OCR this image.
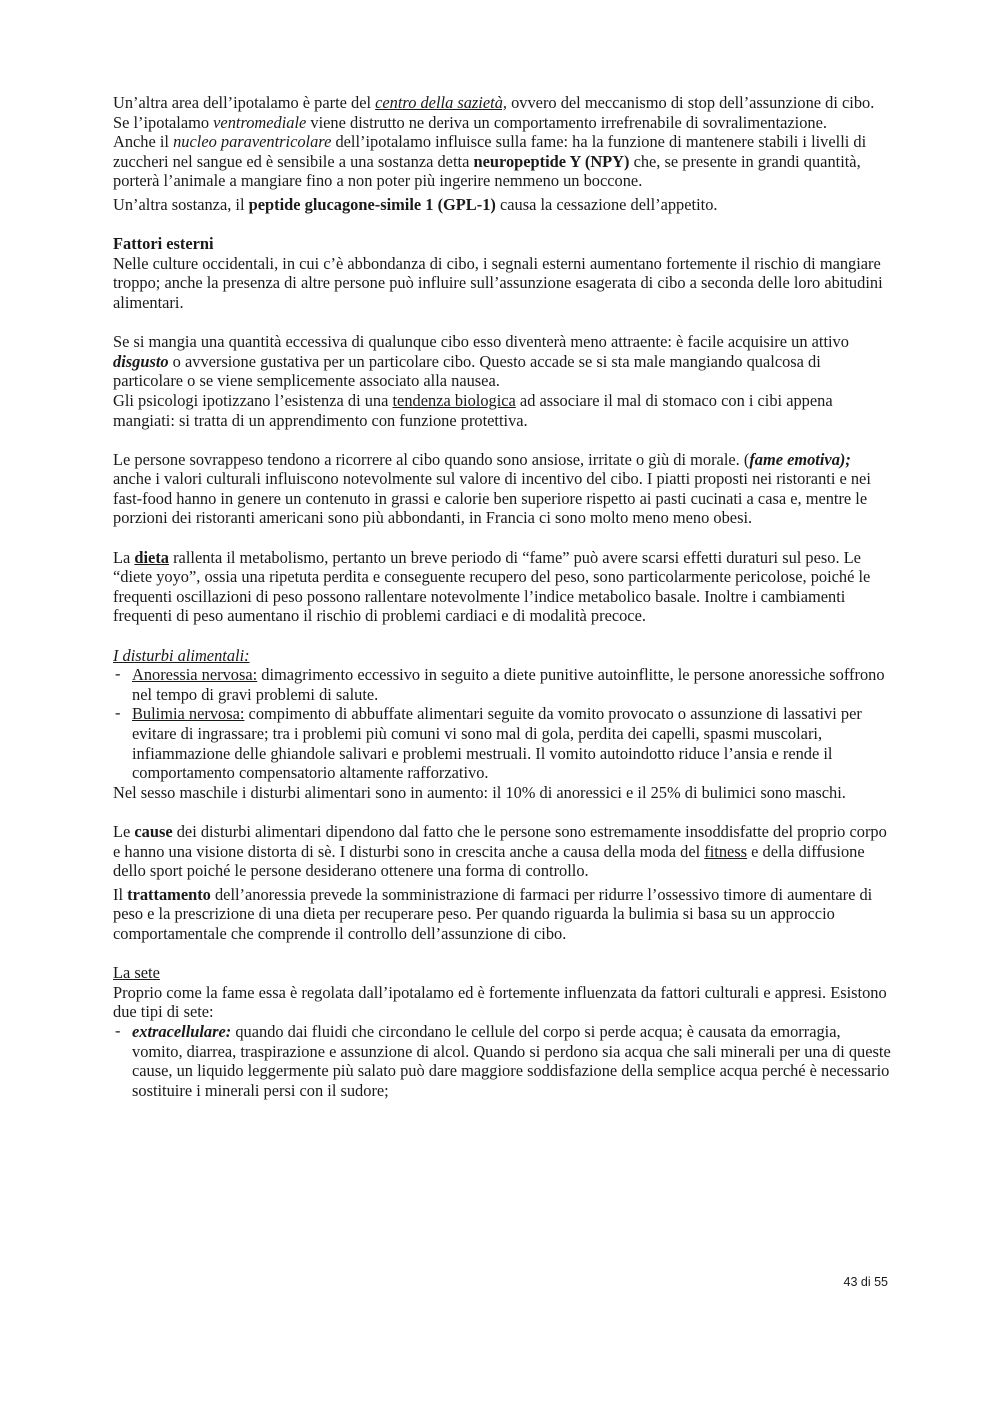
Un’altra area dell’ipotalamo è parte del centro della sazietà, ovvero del meccanismo di stop dell’assunzione di cibo. Se l’ipotalamo ventromediale viene distrutto ne deriva un comportamento irrefrenabile di sovralimentazione.

Anche il nucleo paraventricolare dell’ipotalamo influisce sulla fame: ha la funzione di mantenere stabili i livelli di zuccheri nel sangue ed è sensibile a una sostanza detta neuropeptide Y (NPY) che, se presente in grandi quantità, porterà l’animale a mangiare fino a non poter più ingerire nemmeno un boccone.

Un’altra sostanza, il peptide glucagone-simile 1 (GPL-1) causa la cessazione dell’appetito.

Fattori esterni

Nelle culture occidentali, in cui c’è abbondanza di cibo, i segnali esterni aumentano fortemente il rischio di mangiare troppo; anche la presenza di altre persone può influire sull’assunzione esagerata di cibo a seconda delle loro abitudini alimentari.

Se si mangia una quantità eccessiva di qualunque cibo esso diventerà meno attraente: è facile acquisire un attivo disgusto o avversione gustativa per un particolare cibo. Questo accade se si sta male mangiando qualcosa di particolare o se viene semplicemente associato alla nausea.

Gli psicologi ipotizzano l’esistenza di una tendenza biologica ad associare il mal di stomaco con i cibi appena mangiati: si tratta di un apprendimento con funzione protettiva.

Le persone sovrappeso tendono a ricorrere al cibo quando sono ansiose, irritate o giù di morale. (fame emotiva); anche i valori culturali influiscono notevolmente sul valore di incentivo del cibo. I piatti proposti nei ristoranti e nei fast-food hanno in genere un contenuto in grassi e calorie ben superiore rispetto ai pasti cucinati a casa e, mentre le porzioni dei ristoranti americani sono più abbondanti, in Francia ci sono molto meno meno obesi.

La dieta rallenta il metabolismo, pertanto un breve periodo di “fame” può avere scarsi effetti duraturi sul peso. Le “diete yoyo”, ossia una ripetuta perdita e conseguente recupero del peso, sono particolarmente pericolose, poiché le frequenti oscillazioni di peso possono rallentare notevolmente l’indice metabolico basale. Inoltre i cambiamenti frequenti di peso aumentano il rischio di problemi cardiaci e di modalità precoce.

I disturbi alimentali:

- Anoressia nervosa: dimagrimento eccessivo in seguito a diete punitive autoinflitte, le persone anoressiche soffrono nel tempo di gravi problemi di salute.
- Bulimia nervosa: compimento di abbuffate alimentari seguite da vomito provocato o assunzione di lassativi per evitare di ingrassare; tra i problemi più comuni vi sono mal di gola, perdita dei capelli, spasmi muscolari, infiammazione delle ghiandole salivari e problemi mestruali. Il vomito autoindotto riduce l’ansia e rende il comportamento compensatorio altamente rafforzativo.

Nel sesso maschile i disturbi alimentari sono in aumento: il 10% di anoressici e il 25% di bulimici sono maschi.

Le cause dei disturbi alimentari dipendono dal fatto che le persone sono estremamente insoddisfatte del proprio corpo e hanno una visione distorta di sè. I disturbi sono in crescita anche a causa della moda del fitness e della diffusione dello sport poiché le persone desiderano ottenere una forma di controllo.

Il trattamento dell’anoressia prevede la somministrazione di farmaci per ridurre l’ossessivo timore di aumentare di peso e la prescrizione di una dieta per recuperare peso. Per quando riguarda la bulimia si basa su un approccio comportamentale che comprende il controllo dell’assunzione di cibo.

La sete

Proprio come la fame essa è regolata dall’ipotalamo ed è fortemente influenzata da fattori culturali e appresi. Esistono due tipi di sete:

- extracellulare: quando dai fluidi che circondano le cellule del corpo si perde acqua; è causata da emorragia, vomito, diarrea, traspirazione e assunzione di alcol. Quando si perdono sia acqua che sali minerali per una di queste cause, un liquido leggermente più salato può dare maggiore soddisfazione della semplice acqua perché è necessario sostituire i minerali persi con il sudore;
43 di 55
